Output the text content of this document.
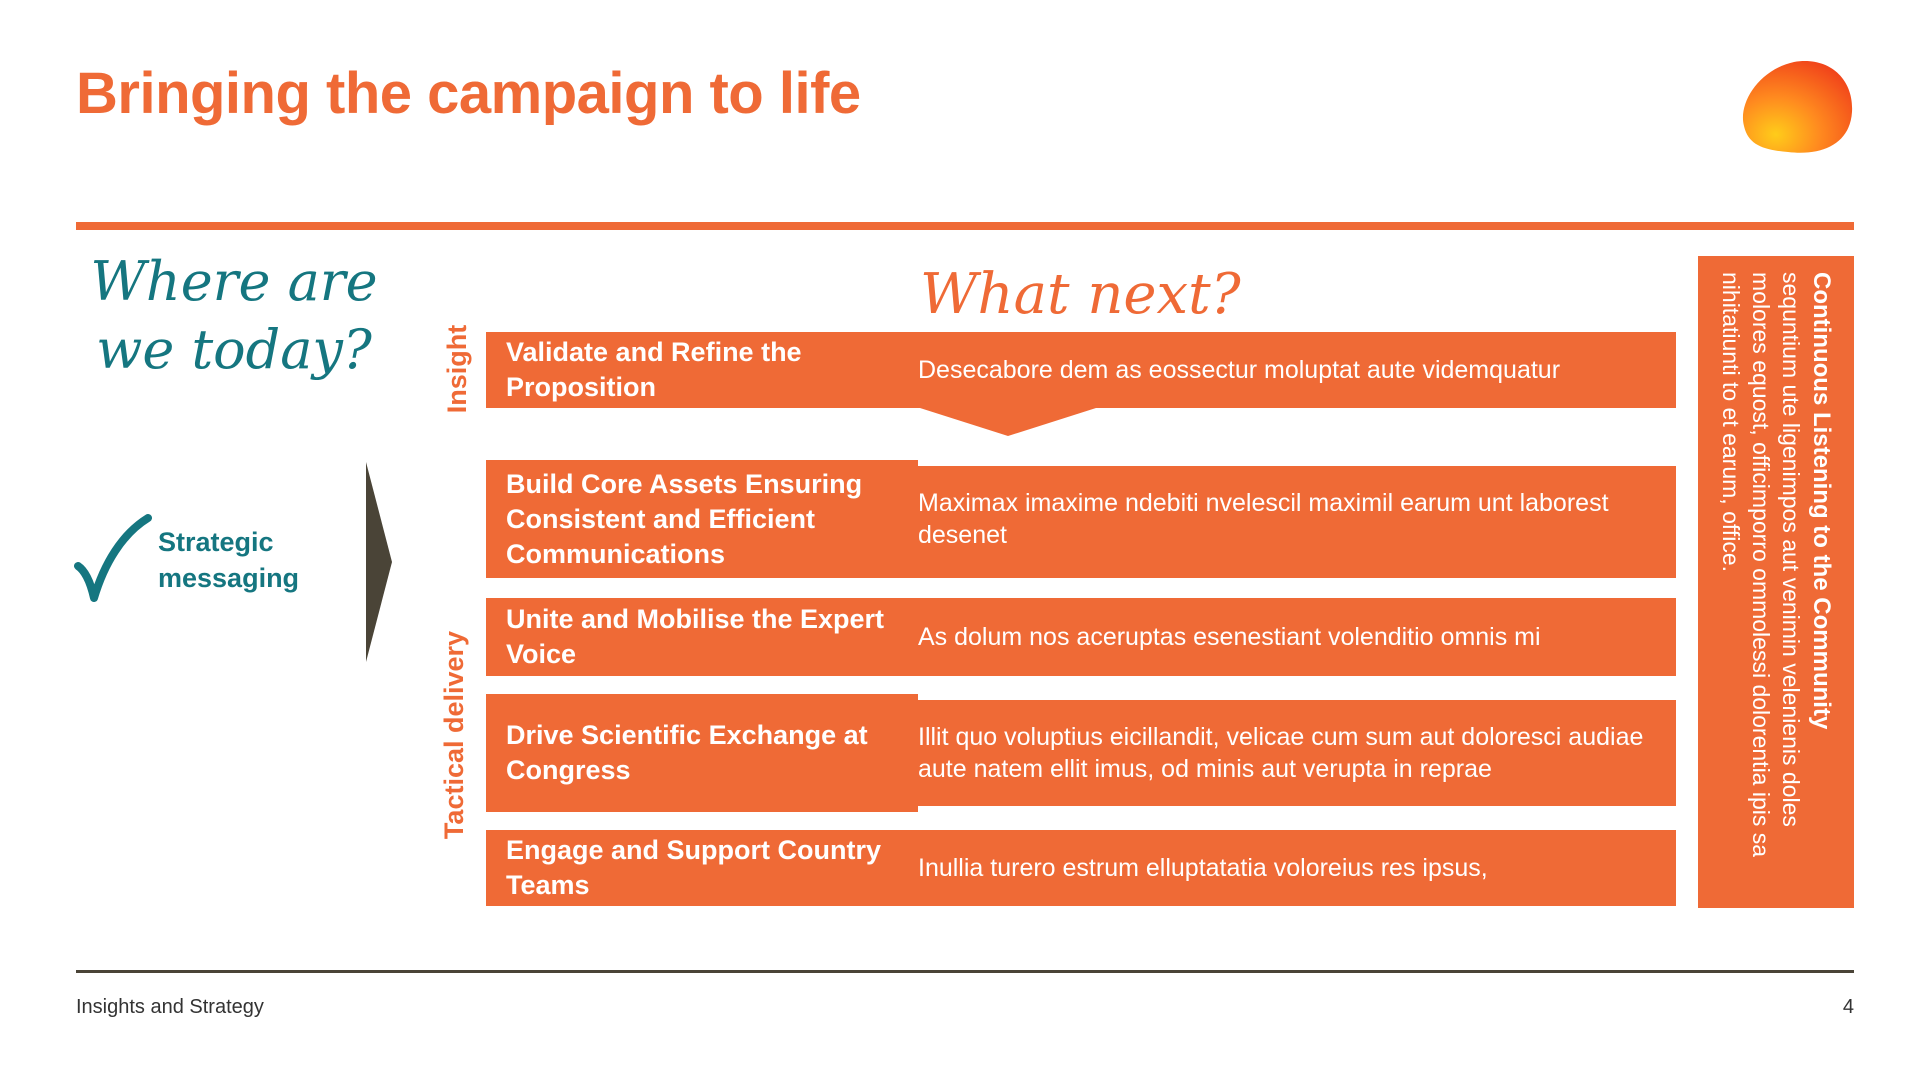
Bringing the campaign to life
Where are
we today?
Strategic
messaging
What next?
Insight
Tactical delivery
Validate and Refine the Proposition
Desecabore dem as eossectur moluptat aute videmquatur
Build Core Assets Ensuring Consistent and Efficient Communications
Maximax imaxime ndebiti nvelescil maximil earum unt laborest desenet
Unite and Mobilise the Expert Voice
As dolum nos aceruptas esenestiant volenditio omnis mi
Drive Scientific Exchange at Congress
Illit quo voluptius eicillandit, velicae cum sum aut doloresci audiae aute natem ellit imus, od minis aut verupta in reprae
Engage and Support Country Teams
Inullia turero estrum elluptatatia voloreius res ipsus,
Continuous Listening to the Community
sequntium ute ligenimpos aut venimin velenienis doles molores equost, officimporro ommolessi dolorentia ipis sa nihitatiunti to et earum, office.
Insights and Strategy	4
